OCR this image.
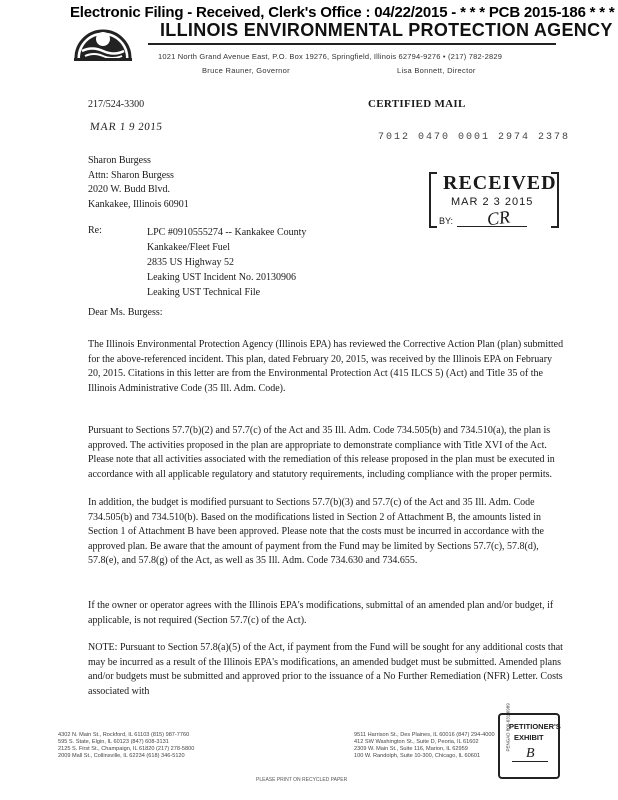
Electronic Filing - Received, Clerk's Office : 04/22/2015 - * * * PCB 2015-186 * * *
ILLINOIS ENVIRONMENTAL PROTECTION AGENCY
1021 North Grand Avenue East, P.O. Box 19276, Springfield, Illinois 62794-9276 • (217) 782-2829
Bruce Rauner, Governor	Lisa Bonnett, Director
217/524-3300	CERTIFIED MAIL
MAR 1 9 2015
7012 0470 0001 2974 2378
Sharon Burgess
Attn: Sharon Burgess
2020 W. Budd Blvd.
Kankakee, Illinois 60901
RECEIVED
MAR 2 3 2015
BY: CR
Re:	LPC #0910555274 -- Kankakee County
Kankakee/Fleet Fuel
2835 US Highway 52
Leaking UST Incident No. 20130906
Leaking UST Technical File
Dear Ms. Burgess:

The Illinois Environmental Protection Agency (Illinois EPA) has reviewed the Corrective Action Plan (plan) submitted for the above-referenced incident. This plan, dated February 20, 2015, was received by the Illinois EPA on February 20, 2015. Citations in this letter are from the Environmental Protection Act (415 ILCS 5) (Act) and Title 35 of the Illinois Administrative Code (35 Ill. Adm. Code).

Pursuant to Sections 57.7(b)(2) and 57.7(c) of the Act and 35 Ill. Adm. Code 734.505(b) and 734.510(a), the plan is approved. The activities proposed in the plan are appropriate to demonstrate compliance with Title XVI of the Act. Please note that all activities associated with the remediation of this release proposed in the plan must be executed in accordance with all applicable regulatory and statutory requirements, including compliance with the proper permits.

In addition, the budget is modified pursuant to Sections 57.7(b)(3) and 57.7(c) of the Act and 35 Ill. Adm. Code 734.505(b) and 734.510(b). Based on the modifications listed in Section 2 of Attachment B, the amounts listed in Section 1 of Attachment B have been approved. Please note that the costs must be incurred in accordance with the approved plan. Be aware that the amount of payment from the Fund may be limited by Sections 57.7(c), 57.8(d), 57.8(e), and 57.8(g) of the Act, as well as 35 Ill. Adm. Code 734.630 and 734.655.

If the owner or operator agrees with the Illinois EPA's modifications, submittal of an amended plan and/or budget, if applicable, is not required (Section 57.7(c) of the Act).

NOTE: Pursuant to Section 57.8(a)(5) of the Act, if payment from the Fund will be sought for any additional costs that may be incurred as a result of the Illinois EPA's modifications, an amended budget must be submitted. Amended plans and/or budgets must be submitted and approved prior to the issuance of a No Further Remediation (NFR) Letter. Costs associated with

4302 N. Main St., Rockford, IL 61103 (815) 987-7760
595 S. State, Elgin, IL 60123 (847) 608-3131
2125 S. First St., Champaign, IL 61820 (217) 278-5800
2009 Mall St., Collinsville, IL 62234 (618) 346-5120
9511 Harrison St., Des Plaines, IL 60016 (847) 294-4000
412 SW Washington St., Suite D, Peoria, IL 61602
2309 W. Main St., Suite 116, Marion, IL 62959
100 W. Randolph, Suite 10-300, Chicago, IL 60601
PLEASE PRINT ON RECYCLED PAPER
PENGAD 800-631-6989
PETITIONER'S
EXHIBIT
B
